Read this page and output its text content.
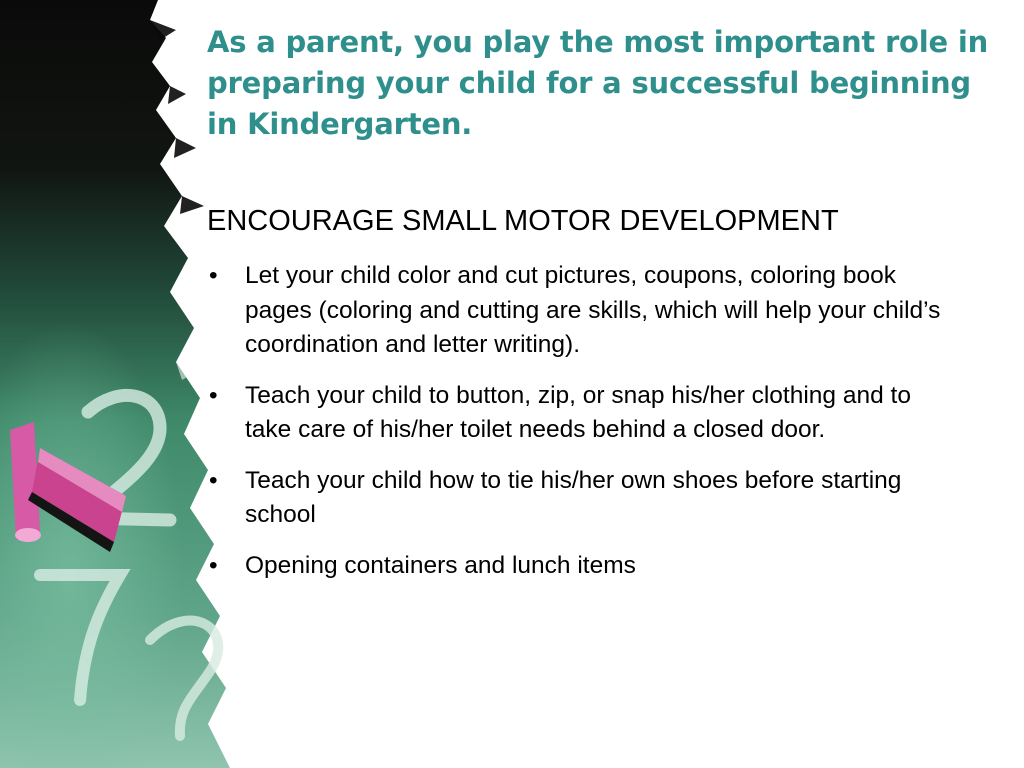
As a parent, you play the most important role in preparing your child for a successful beginning in Kindergarten.
ENCOURAGE SMALL MOTOR DEVELOPMENT
• Let your child color and cut pictures, coupons, coloring book pages (coloring and cutting are skills, which will help your child’s coordination and letter writing).
• Teach your child to button, zip, or snap his/her clothing and to take care of his/her toilet needs behind a closed door.
• Teach your child how to tie his/her own shoes before starting school
• Opening containers and lunch items
